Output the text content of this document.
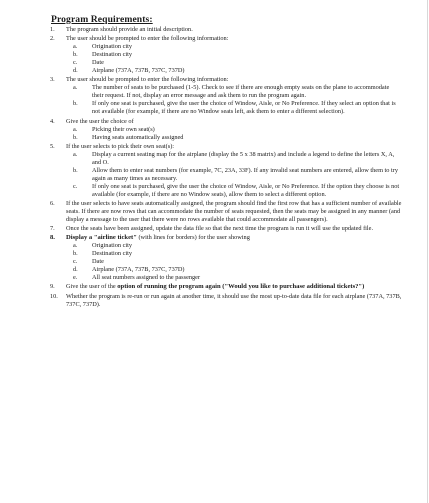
Program Requirements:
1. The program should provide an initial description.
2. The user should be prompted to enter the following information:
a. Origination city
b. Destination city
c. Date
d. Airplane (737A, 737B, 737C, 737D)
3. The user should be prompted to enter the following information:
a. The number of seats to be purchased (1-5). Check to see if there are enough empty seats on the plane to accommodate their request. If not, display an error message and ask them to run the program again.
b. If only one seat is purchased, give the user the choice of Window, Aisle, or No Preference. If they select an option that is not available (for example, if there are no Window seats left, ask them to enter a different selection).
4. Give the user the choice of
a. Picking their own seat(s)
b. Having seats automatically assigned
5. If the user selects to pick their own seat(s):
a. Display a current seating map for the airplane (display the 5 x 38 matrix) and include a legend to define the letters X, A, and O.
b. Allow them to enter seat numbers (for example, 7C, 23A, 33F). If any invalid seat numbers are entered, allow them to try again as many times as necessary.
c. If only one seat is purchased, give the user the choice of Window, Aisle, or No Preference. If the option they choose is not available (for example, if there are no Window seats), allow them to select a different option.
6. If the user selects to have seats automatically assigned, the program should find the first row that has a sufficient number of available seats. If there are now rows that can accommodate the number of seats requested, then the seats may be assigned in any manner (and display a message to the user that there were no rows available that could accommodate all passengers).
7. Once the seats have been assigned, update the data file so that the next time the program is run it will use the updated file.
8. Display a "airline ticket" (with lines for borders) for the user showing
a. Origination city
b. Destination city
c. Date
d. Airplane (737A, 737B, 737C, 737D)
e. All seat numbers assigned to the passenger
9. Give the user of the option of running the program again ("Would you like to purchase additional tickets?")
10. Whether the program is re-run or run again at another time, it should use the most up-to-date data file for each airplane (737A, 737B, 737C, 737D).
